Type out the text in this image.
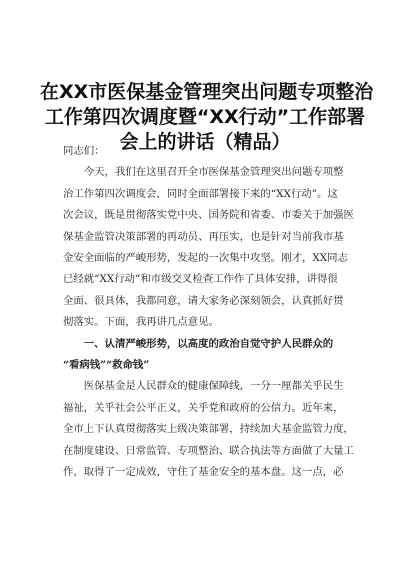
在XX市医保基金管理突出问题专项整治
工作第四次调度暨“XX行动”工作部署
会上的讲话（精品）
同志们：
　　今天，我们在这里召开全市医保基金管理突出问题专项整
治工作第四次调度会，同时全面部署接下来的“XX行动”。这
次会议，既是贯彻落实党中央、国务院和省委、市委关于加强医
保基金监管决策部署的再动员、再压实，也是针对当前我市基
金安全面临的严峻形势，发起的一次集中攻坚。刚才，XX同志
已经就“XX行动”和市级交叉检查工作作了具体安排，讲得很
全面、很具体，我都同意，请大家务必深刻领会，认真抓好贯
彻落实。下面，我再讲几点意见。
　　一、认清严峻形势，以高度的政治自觉守护人民群众的
“看病钱”“救命钱”
　　医保基金是人民群众的健康保障线，一分一厘都关乎民生
福祉，关乎社会公平正义，关乎党和政府的公信力。近年来，
全市上下认真贯彻落实上级决策部署，持续加大基金监管力度，
在制度建设、日常监管、专项整治、联合执法等方面做了大量工
作，取得了一定成效，守住了基金安全的基本盘。这一点，必
